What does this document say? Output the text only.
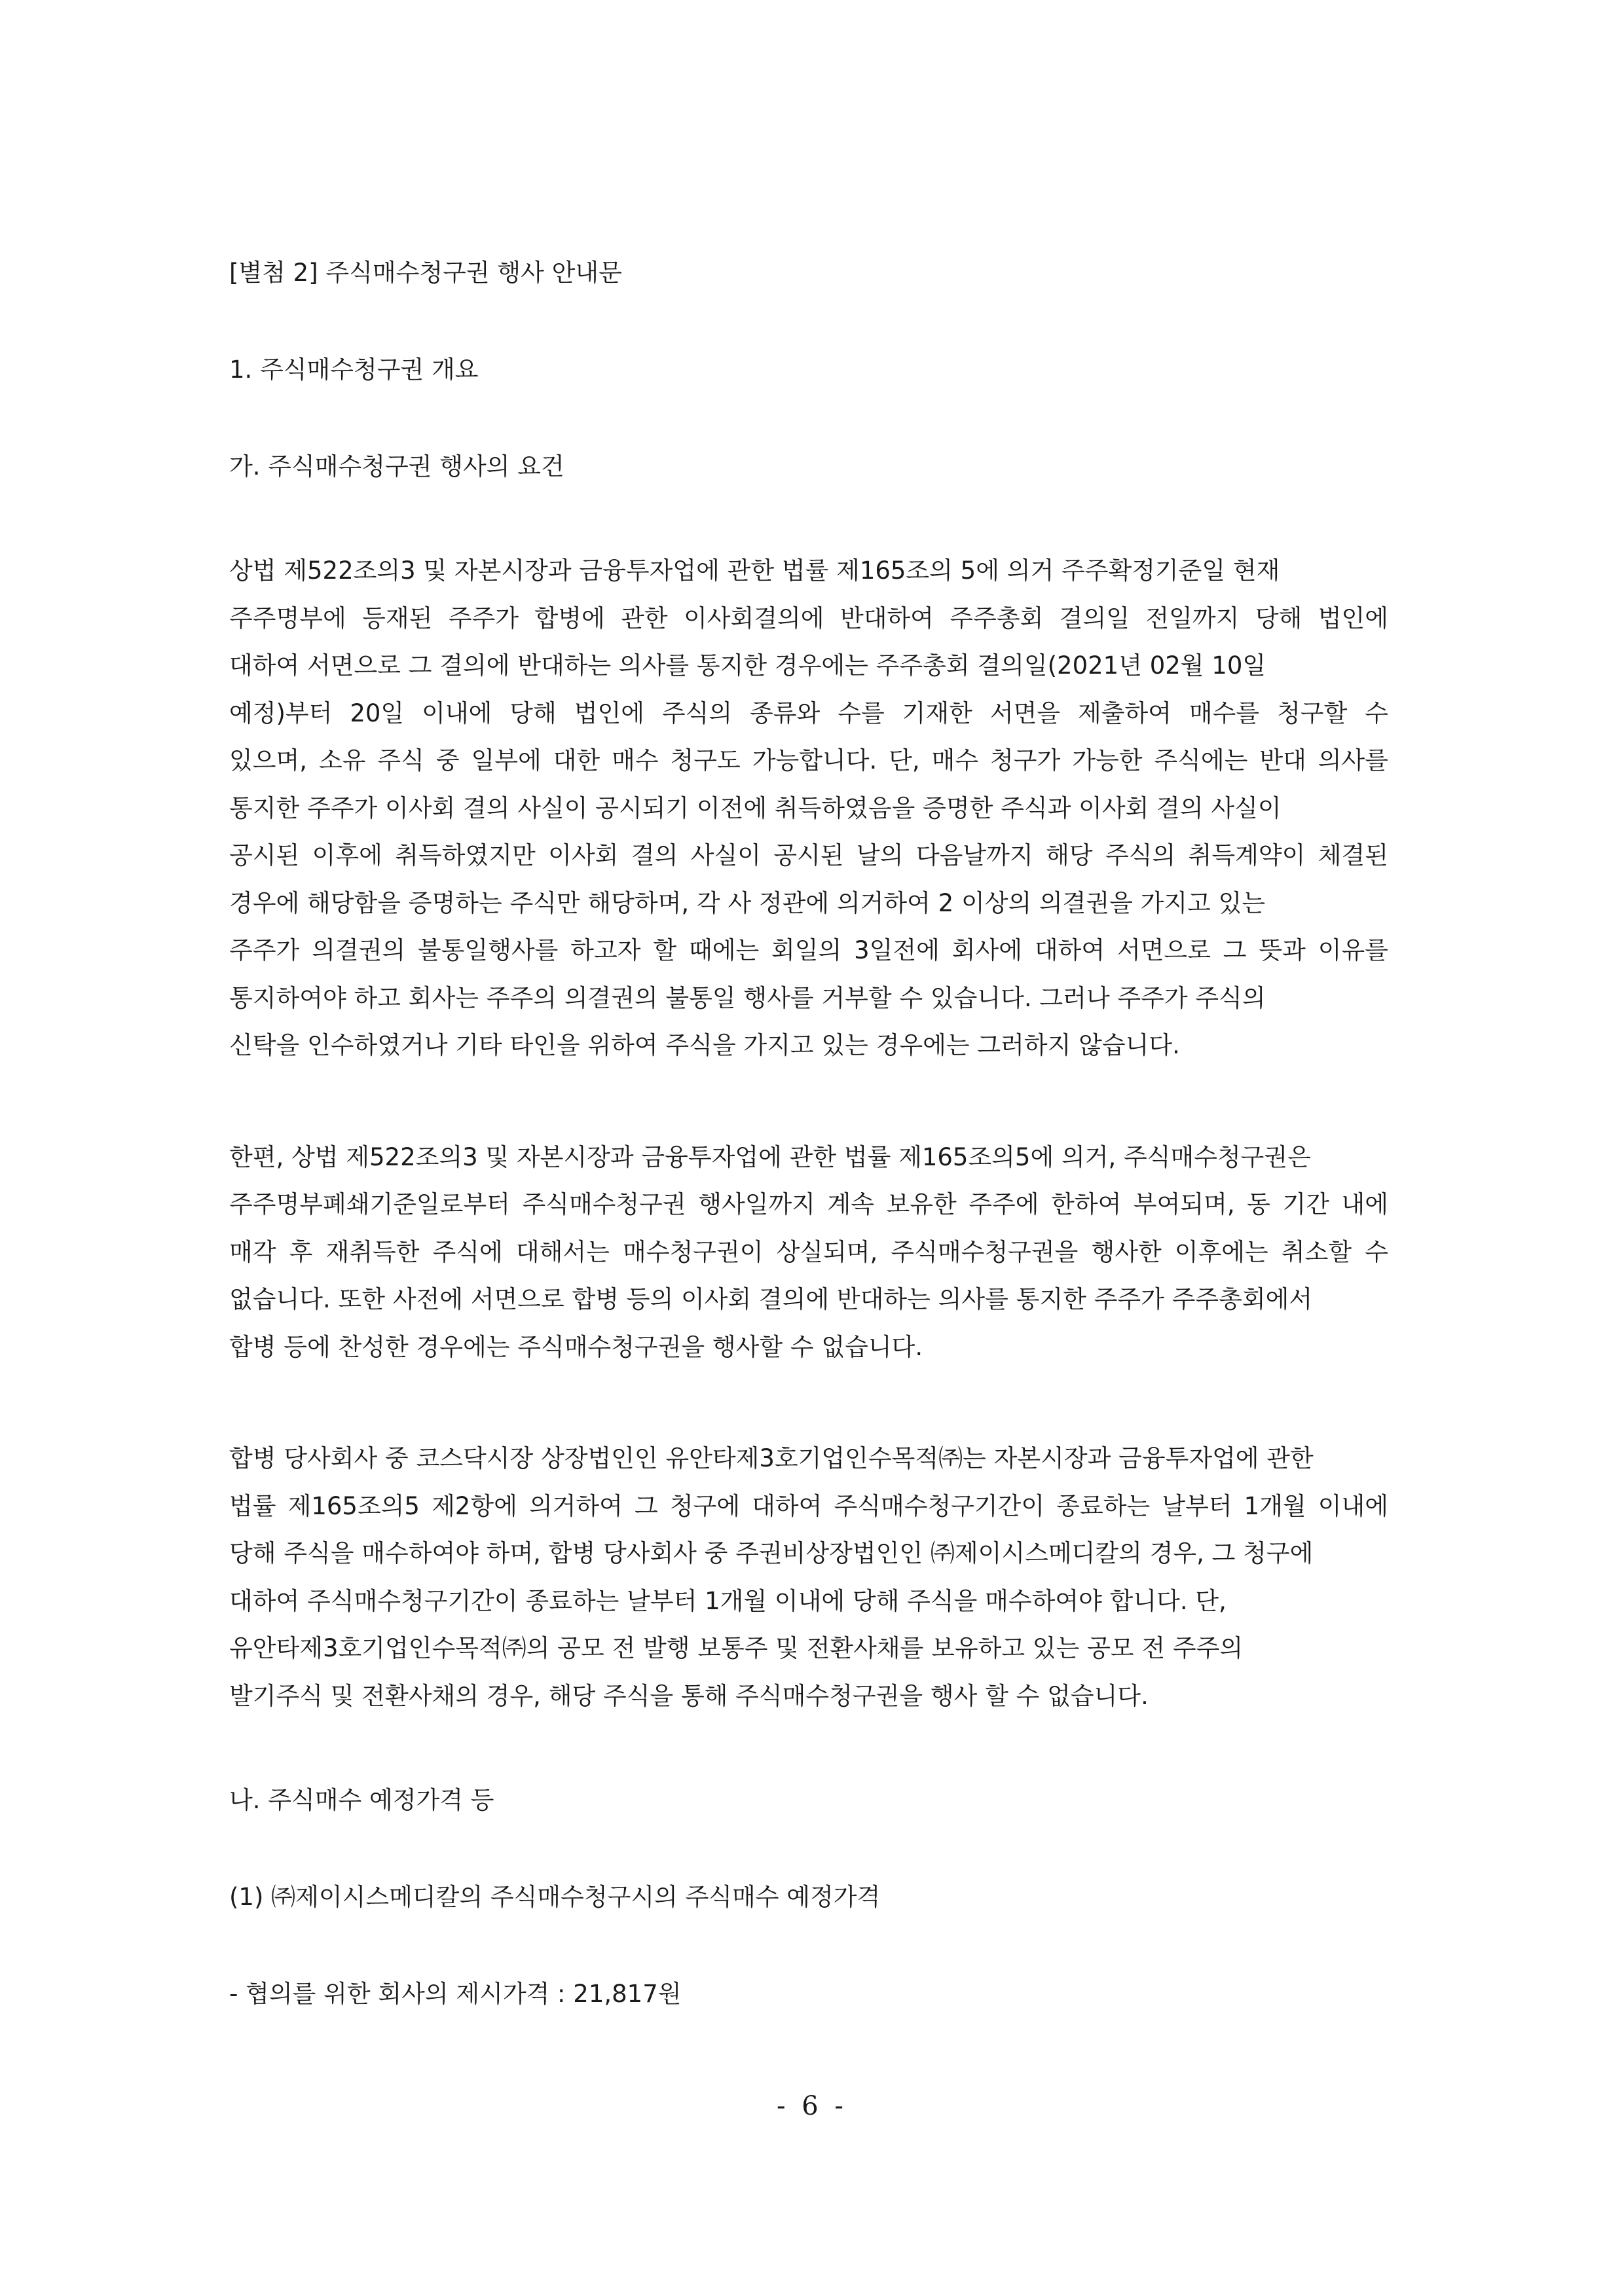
[별첨 2] 주식매수청구권 행사 안내문
1. 주식매수청구권 개요
가. 주식매수청구권 행사의 요건
상법 제522조의3 및 자본시장과 금융투자업에 관한 법률 제165조의 5에 의거 주주확정기준일 현재
주주명부에 등재된 주주가 합병에 관한 이사회결의에 반대하여 주주총회 결의일 전일까지 당해 법인에
대하여 서면으로 그 결의에 반대하는 의사를 통지한 경우에는 주주총회 결의일(2021년 02월 10일
예정)부터 20일 이내에 당해 법인에 주식의 종류와 수를 기재한 서면을 제출하여 매수를 청구할 수
있으며, 소유 주식 중 일부에 대한 매수 청구도 가능합니다. 단, 매수 청구가 가능한 주식에는 반대 의사를
통지한 주주가 이사회 결의 사실이 공시되기 이전에 취득하였음을 증명한 주식과 이사회 결의 사실이
공시된 이후에 취득하였지만 이사회 결의 사실이 공시된 날의 다음날까지 해당 주식의 취득계약이 체결된
경우에 해당함을 증명하는 주식만 해당하며, 각 사 정관에 의거하여 2 이상의 의결권을 가지고 있는
주주가 의결권의 불통일행사를 하고자 할 때에는 회일의 3일전에 회사에 대하여 서면으로 그 뜻과 이유를
통지하여야 하고 회사는 주주의 의결권의 불통일 행사를 거부할 수 있습니다. 그러나 주주가 주식의
신탁을 인수하였거나 기타 타인을 위하여 주식을 가지고 있는 경우에는 그러하지 않습니다.
한편, 상법 제522조의3 및 자본시장과 금융투자업에 관한 법률 제165조의5에 의거, 주식매수청구권은
주주명부폐쇄기준일로부터 주식매수청구권 행사일까지 계속 보유한 주주에 한하여 부여되며, 동 기간 내에
매각 후 재취득한 주식에 대해서는 매수청구권이 상실되며, 주식매수청구권을 행사한 이후에는 취소할 수
없습니다. 또한 사전에 서면으로 합병 등의 이사회 결의에 반대하는 의사를 통지한 주주가 주주총회에서
합병 등에 찬성한 경우에는 주식매수청구권을 행사할 수 없습니다.
합병 당사회사 중 코스닥시장 상장법인인 유안타제3호기업인수목적㈜는 자본시장과 금융투자업에 관한
법률 제165조의5 제2항에 의거하여 그 청구에 대하여 주식매수청구기간이 종료하는 날부터 1개월 이내에
당해 주식을 매수하여야 하며, 합병 당사회사 중 주권비상장법인인 ㈜제이시스메디칼의 경우, 그 청구에
대하여 주식매수청구기간이 종료하는 날부터 1개월 이내에 당해 주식을 매수하여야 합니다. 단,
유안타제3호기업인수목적㈜의 공모 전 발행 보통주 및 전환사채를 보유하고 있는 공모 전 주주의
발기주식 및 전환사채의 경우, 해당 주식을 통해 주식매수청구권을 행사 할 수 없습니다.
나. 주식매수 예정가격 등
(1) ㈜제이시스메디칼의 주식매수청구시의 주식매수 예정가격
- 협의를 위한 회사의 제시가격 : 21,817원
- 6 -
